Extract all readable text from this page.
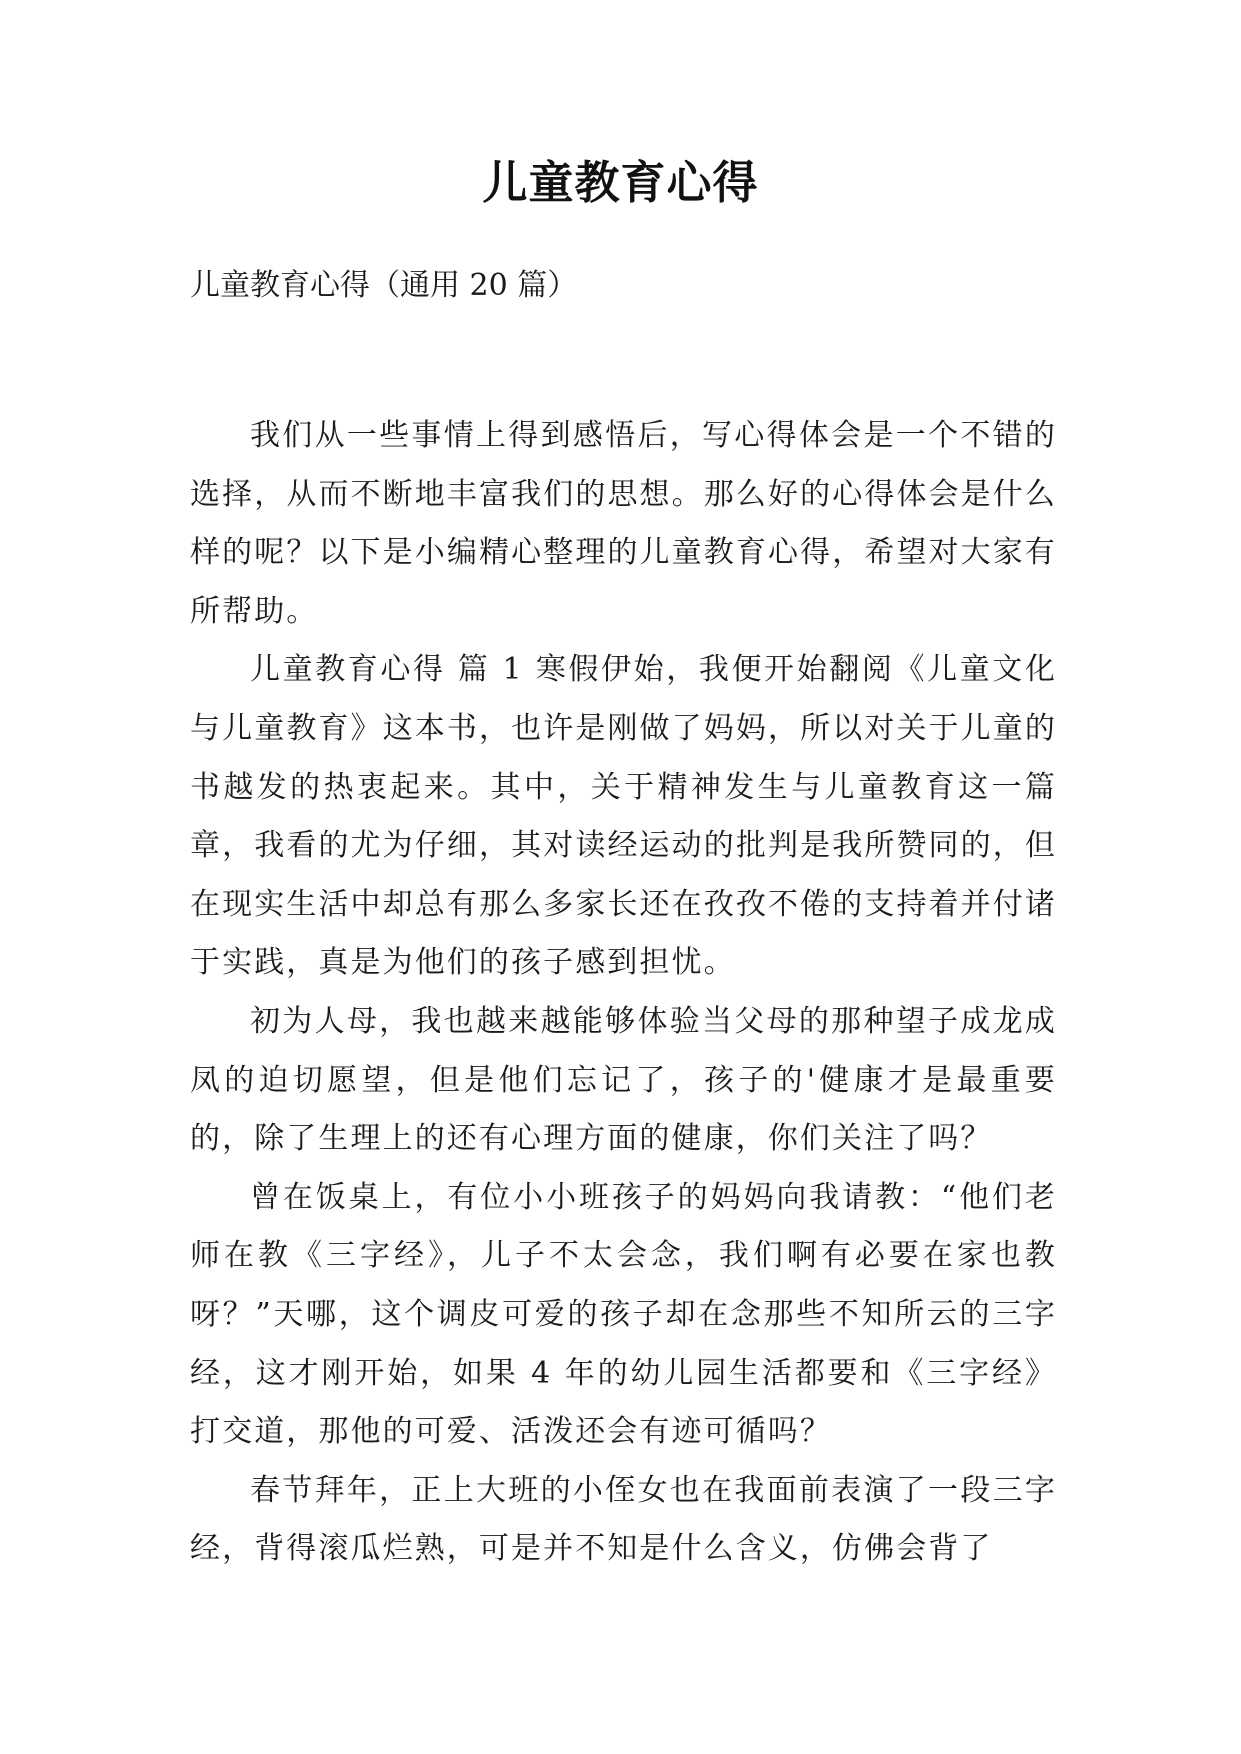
儿童教育心得
儿童教育心得（通用 20 篇）

我们从一些事情上得到感悟后，写心得体会是一个不错的选择，从而不断地丰富我们的思想。那么好的心得体会是什么样的呢？以下是小编精心整理的儿童教育心得，希望对大家有所帮助。

儿童教育心得 篇 1 寒假伊始，我便开始翻阅《儿童文化与儿童教育》这本书，也许是刚做了妈妈，所以对关于儿童的书越发的热衷起来。其中，关于精神发生与儿童教育这一篇章，我看的尤为仔细，其对读经运动的批判是我所赞同的，但在现实生活中却总有那么多家长还在孜孜不倦的支持着并付诸于实践，真是为他们的孩子感到担忧。

初为人母，我也越来越能够体验当父母的那种望子成龙成凤的迫切愿望，但是他们忘记了，孩子的'健康才是最重要的，除了生理上的还有心理方面的健康，你们关注了吗？

曾在饭桌上，有位小小班孩子的妈妈向我请教：“他们老师在教《三字经》，儿子不太会念，我们啊有必要在家也教呀？”天哪，这个调皮可爱的孩子却在念那些不知所云的三字经，这才刚开始，如果 4 年的幼儿园生活都要和《三字经》打交道，那他的可爱、活泼还会有迹可循吗？

春节拜年，正上大班的小侄女也在我面前表演了一段三字经，背得滚瓜烂熟，可是并不知是什么含义，仿佛会背了
